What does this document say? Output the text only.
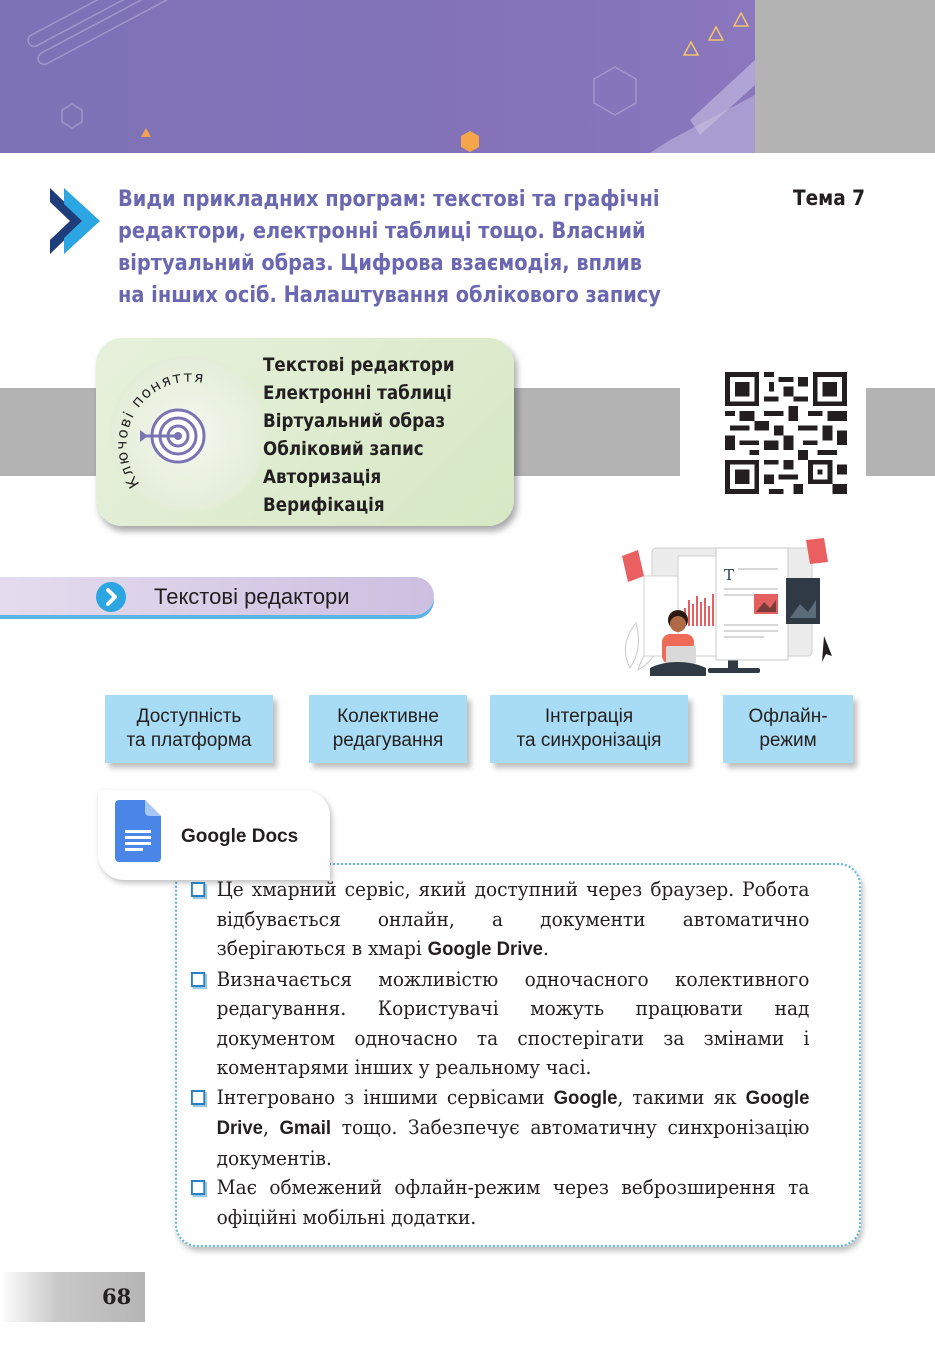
Види прикладних програм: текстові та графічні
редактори, електронні таблиці тощо. Власний
віртуальний образ. Цифрова взаємодія, вплив
на інших осіб. Налаштування облікового запису
Тема 7
Ключові поняття
Текстові редактори
Електронні таблиці
Віртуальний образ
Обліковий запис
Авторизація
Верифікація
Текстові редактори
T
Доступність
та платформа
Колективне
редагування
Інтеграція
та синхронізація
Офлайн-
режим
Google Docs
Це хмарний сервіс, який доступний через браузер. Робота відбувається онлайн, а документи автоматично зберігаються в хмарі Google Drive.
Визначається можливістю одночасного колективного редагування. Користувачі можуть працювати над документом одночасно та спостерігати за змінами і коментарями інших у реальному часі.
Інтегровано з іншими сервісами Google, такими як Google Drive, Gmail тощо. Забезпечує автоматичну синхронізацію документів.
Має обмежений офлайн-режим через веброзширення та офіційні мобільні додатки.
68
